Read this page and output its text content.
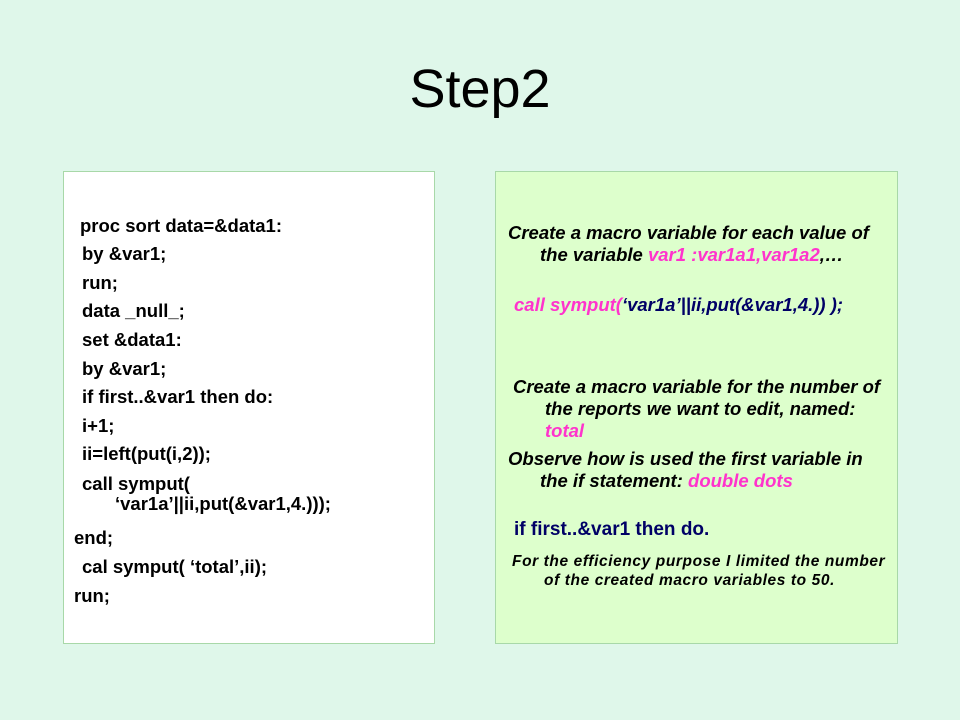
Step2
proc sort data=&data1:
by &var1;
run;
data _null_;
set &data1:
by &var1;
if first..&var1 then do:
i+1;
ii=left(put(i,2));
call symput(
‘var1a’||ii,put(&var1,4.)));
end;
cal symput( ‘total’,ii);
run;
Create a macro variable for each value of the variable var1 :var1a1,var1a2,…
call symput(‘var1a’||ii,put(&var1,4.)) );
Create a macro variable for the number of the reports we want to edit, named: total
Observe how is used the first variable in the if statement: double dots
if first..&var1 then do.
For the efficiency purpose I limited the number of the created macro variables to 50.
